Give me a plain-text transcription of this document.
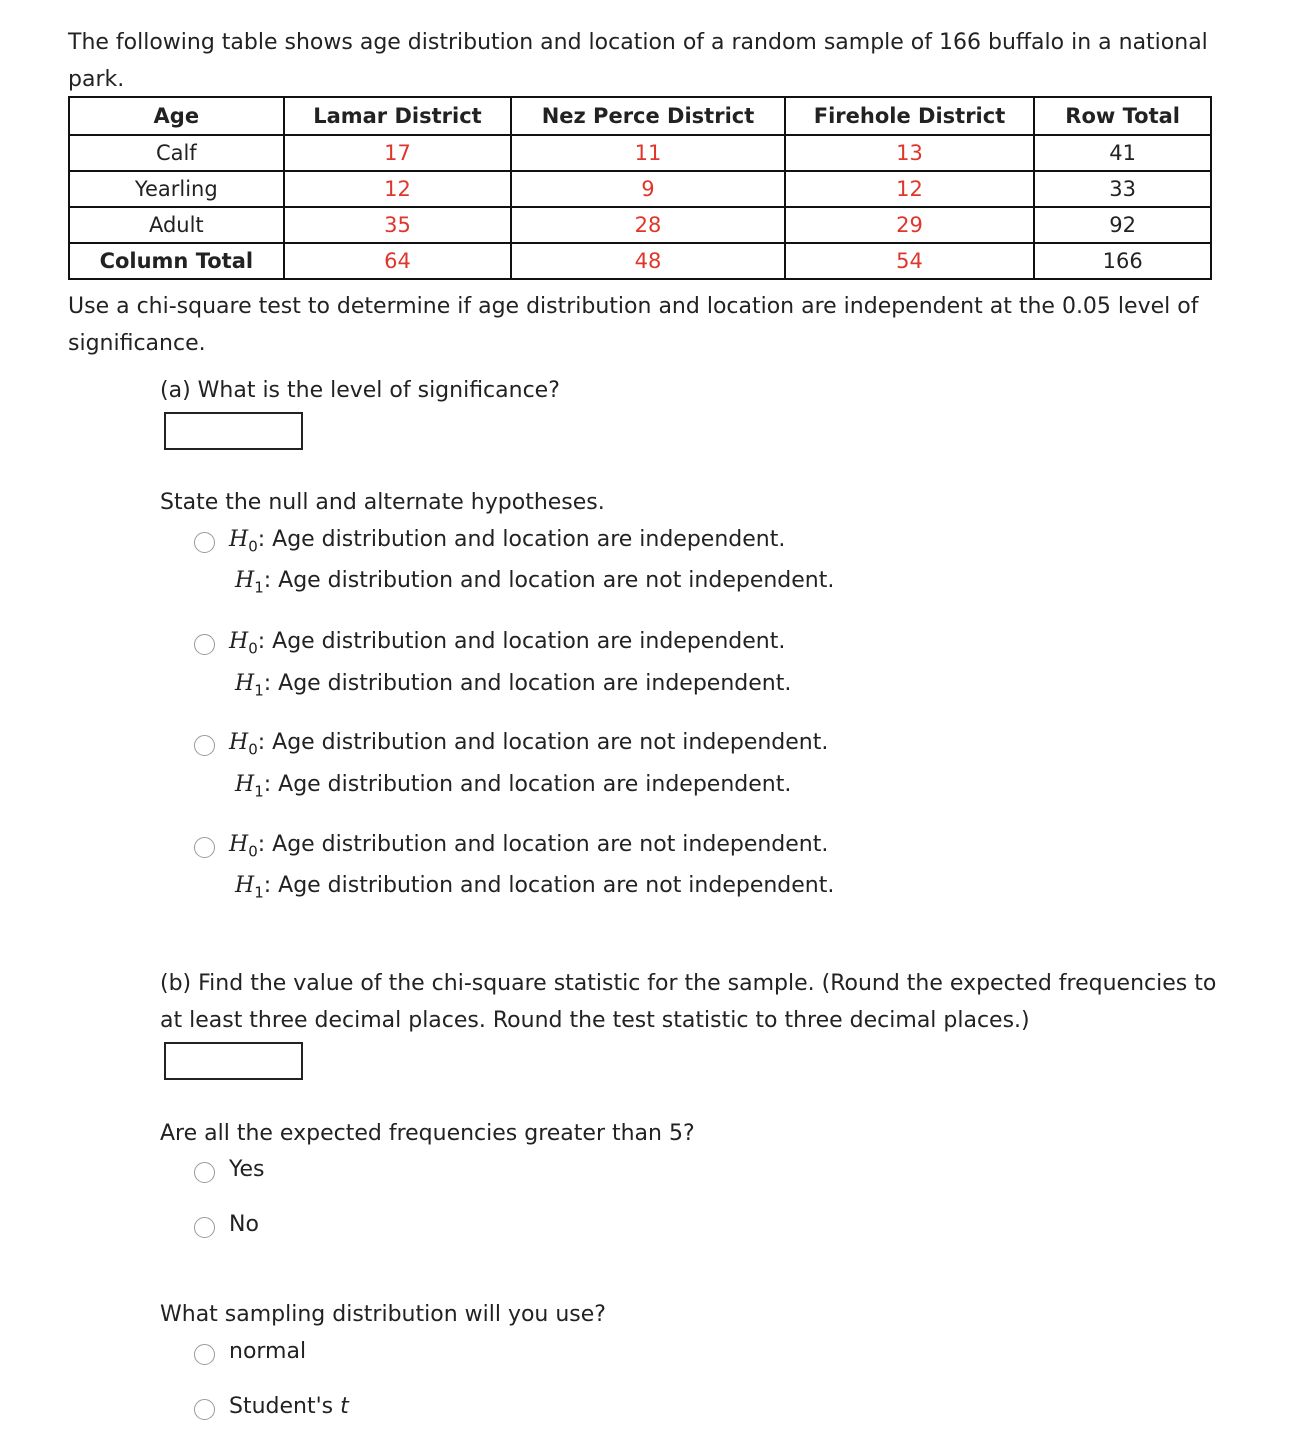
The following table shows age distribution and location of a random sample of 166 buffalo in a national park.

Age	Lamar District	Nez Perce District	Firehole District	Row Total
Calf	17	11	13	41
Yearling	12	9	12	33
Adult	35	28	29	92
Column Total	64	48	54	166

Use a chi-square test to determine if age distribution and location are independent at the 0.05 level of significance.

(a) What is the level of significance?

State the null and alternate hypotheses.

$H_0$: Age distribution and location are independent.
$H_1$: Age distribution and location are not independent.
$H_0$: Age distribution and location are independent.
$H_1$: Age distribution and location are independent.
$H_0$: Age distribution and location are not independent.
$H_1$: Age distribution and location are independent.
$H_0$: Age distribution and location are not independent.
$H_1$: Age distribution and location are not independent.

(b) Find the value of the chi-square statistic for the sample. (Round the expected frequencies to

at least three decimal places. Round the test statistic to three decimal places.)

Are all the expected frequencies greater than 5?

Yes
No

What sampling distribution will you use?

normal
Student's t
